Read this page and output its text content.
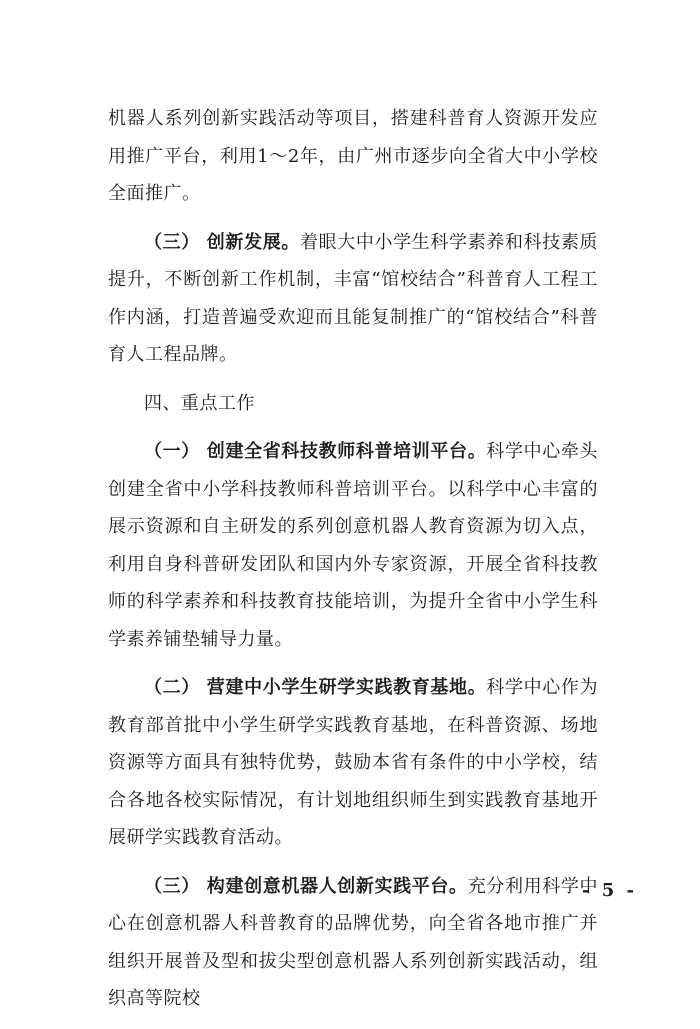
机器人系列创新实践活动等项目，搭建科普育人资源开发应用推广平台，利用1～2年，由广州市逐步向全省大中小学校全面推广。

（三） 创新发展。着眼大中小学生科学素养和科技素质提升，不断创新工作机制，丰富“馆校结合”科普育人工程工作内涵，打造普遍受欢迎而且能复制推广的“馆校结合”科普育人工程品牌。

四、重点工作

（一） 创建全省科技教师科普培训平台。科学中心牵头创建全省中小学科技教师科普培训平台。以科学中心丰富的展示资源和自主研发的系列创意机器人教育资源为切入点，利用自身科普研发团队和国内外专家资源，开展全省科技教师的科学素养和科技教育技能培训，为提升全省中小学生科学素养铺垫辅导力量。

（二） 营建中小学生研学实践教育基地。科学中心作为教育部首批中小学生研学实践教育基地，在科普资源、场地资源等方面具有独特优势，鼓励本省有条件的中小学校，结合各地各校实际情况，有计划地组织师生到实践教育基地开展研学实践教育活动。

（三） 构建创意机器人创新实践平台。充分利用科学中心在创意机器人科普教育的品牌优势，向全省各地市推广并组织开展普及型和拔尖型创意机器人系列创新实践活动，组织高等院校

- 5 -
